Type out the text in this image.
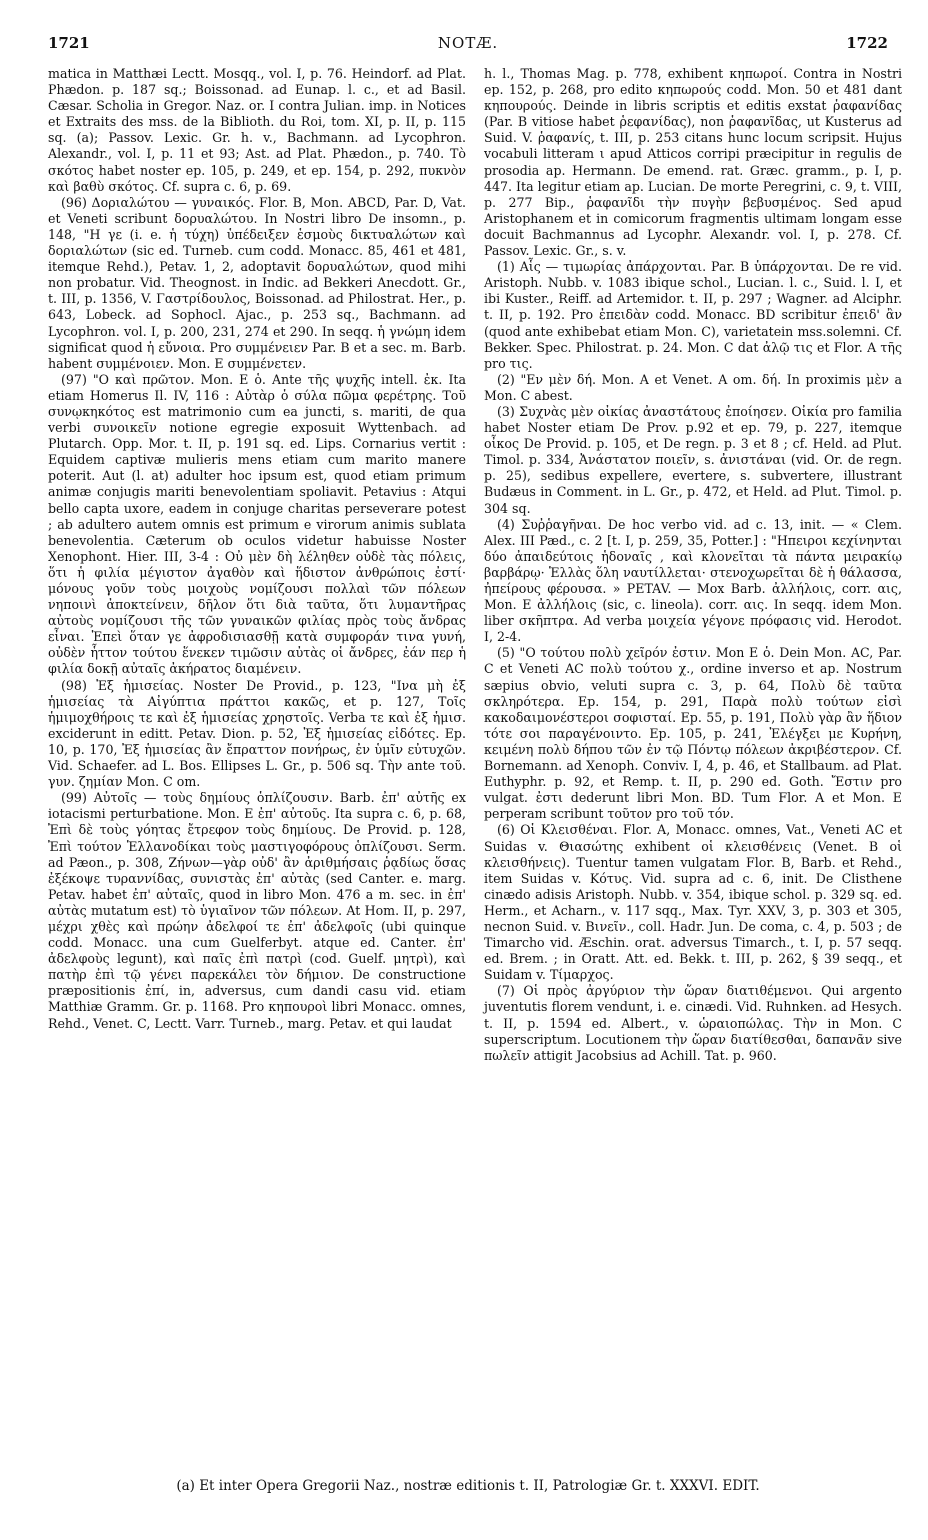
1721	NOTÆ.	1722

matica in Matthæi Lectt. Mosqq., vol. I, p. 76. Heindorf. ad Plat. Phædon. p. 187 sq.; Boissonad. ad Eunap. l. c., et ad Basil. Cæsar. Scholia in Gregor. Naz. or. I contra Julian. imp. in Notices et Extraits des mss. de la Biblioth. du Roi, tom. XI, p. II, p. 115 sq. (a); Passov. Lexic. Gr. h. v., Bachmann. ad Lycophron. Alexandr., vol. I, p. 11 et 93; Ast. ad Plat. Phædon., p. 740. Τὸ σκότος habet noster ep. 105, p. 249, et ep. 154, p. 292, πυκνὸν καὶ βαθὺ σκότος. Cf. supra c. 6, p. 69.

(96) Δοριαλώτου — γυναικός. Flor. B, Mon. ABCD, Par. D, Vat. et Veneti scribunt δορυαλώτου. In Nostri libro De insomn., p. 148, "Η γε (i. e. ἡ τύχη) ὑπέδειξεν ἑσμοὺς δικτυαλώτων καὶ δοριαλώτων (sic ed. Turneb. cum codd. Monacc. 85, 461 et 481, itemque Rehd.), Petav. 1, 2, adoptavit δορυαλώτων, quod mihi non probatur. Vid. Theognost. in Indic. ad Bekkeri Anecdott. Gr., t. III, p. 1356, V. Γαστρίδουλος, Boissonad. ad Philostrat. Her., p. 643, Lobeck. ad Sophocl. Ajac., p. 253 sq., Bachmann. ad Lycophron. vol. I, p. 200, 231, 274 et 290. In seqq. ἡ γνώμη idem significat quod ἡ εὔνοια. Pro συμμένειεν Par. B et a sec. m. Barb. habent συμμένοιεν. Mon. E συμμένετεν.

(97) "Ο καὶ πρῶτον. Mon. E ὁ. Ante τῆς ψυχῆς intell. ἐκ. Ita etiam Homerus Il. IV, 116 : Αὐτὰρ ὁ σύλα πῶμα φερέτρης. Τοῦ συνῳκηκότος est matrimonio cum ea juncti, s. mariti, de qua verbi συνοικεῖν notione egregie exposuit Wyttenbach. ad Plutarch. Opp. Mor. t. II, p. 191 sq. ed. Lips. Cornarius vertit : Equidem captivæ mulieris mens etiam cum marito manere poterit. Aut (l. at) adulter hoc ipsum est, quod etiam primum animæ conjugis mariti benevolentiam spoliavit. Petavius : Atqui bello capta uxore, eadem in conjuge charitas perseverare potest ; ab adultero autem omnis est primum e virorum animis sublata benevolentia. Cæterum ob oculos videtur habuisse Noster Xenophont. Hier. III, 3-4 : Οὐ μὲν δὴ λέληθεν οὐδὲ τὰς πόλεις, ὅτι ἡ φιλία μέγιστον ἀγαθὸν καὶ ἥδιστον ἀνθρώποις ἐστί· μόνους γοῦν τοὺς μοιχοὺς νομίζουσι πολλαὶ τῶν πόλεων νηποινὶ ἀποκτείνειν, δῆλον ὅτι διὰ ταῦτα, ὅτι λυμαντῆρας αὐτοὺς νομίζουσι τῆς τῶν γυναικῶν φιλίας πρὸς τοὺς ἄνδρας εἶναι. Ἐπεὶ ὅταν γε ἀφροδισιασθῇ κατὰ συμφοράν τινα γυνή, οὐδὲν ἧττον τούτου ἕνεκεν τιμῶσιν αὐτὰς οἱ ἄνδρες, ἐάν περ ἡ φιλία δοκῇ αὐταῖς ἀκήρατος διαμένειν.

(98) Ἐξ ἡμισείας. Noster De Provid., p. 123, "Ινα μὴ ἐξ ἡμισείας τὰ Αἰγύπτια πράττοι κακῶς, et p. 127, Τοῖς ἡμιμοχθήροις τε καὶ ἐξ ἡμισείας χρηστοῖς. Verba τε καὶ ἐξ ἡμισ. exciderunt in editt. Petav. Dion. p. 52, Ἐξ ἡμισείας εἰδότες. Ep. 10, p. 170, Ἐξ ἡμισείας ἂν ἔπραττον πονήρως, ἐν ὑμῖν εὐτυχῶν. Vid. Schaefer. ad L. Bos. Ellipses L. Gr., p. 506 sq. Τὴν ante τοῦ. γυν. ζημίαν Mon. C om.

(99) Αὐτοῖς — τοὺς δημίους ὁπλίζουσιν. Barb. ἐπ' αὐτῆς ex iotacismi perturbatione. Mon. E ἐπ' αὐτοῦς. Ita supra c. 6, p. 68, Ἐπὶ δὲ τοὺς γόητας ἔτρεφον τοὺς δημίους. De Provid. p. 128, Ἐπὶ τούτον Ἑλλανοδίκαι τοὺς μαστιγοφόρους ὁπλίζουσι. Serm. ad Pæon., p. 308, Ζήνων—γὰρ οὐδ' ἂν ἀριθμήσαις ῥᾳδίως ὅσας ἐξέκοψε τυραννίδας, συνιστὰς ἐπ' αὐτὰς (sed Canter. e. marg. Petav. habet ἐπ' αὐταῖς, quod in libro Mon. 476 a m. sec. in ἐπ' αὐτὰς mutatum est) τὸ ὑγιαῖνον τῶν πόλεων. At Hom. II, p. 297, μέχρι χθὲς καὶ πρώην ἀδελφοί τε ἐπ' ἀδελφοῖς (ubi quinque codd. Monacc. una cum Guelferbyt. atque ed. Canter. ἐπ' ἀδελφοὺς legunt), καὶ παῖς ἐπὶ πατρὶ (cod. Guelf. μητρὶ), καὶ πατὴρ ἐπὶ τῷ γένει παρεκάλει τὸν δήμιον. De constructione præpositionis ἐπί, in, adversus, cum dandi casu vid. etiam Matthiæ Gramm. Gr. p. 1168. Pro κηπουροὶ libri Monacc. omnes, Rehd., Venet. C, Lectt. Varr. Turneb., marg. Petav. et qui laudat

h. l., Thomas Mag. p. 778, exhibent κηπωροί. Contra in Nostri ep. 152, p. 268, pro edito κηπωρούς codd. Mon. 50 et 481 dant κηπουρούς. Deinde in libris scriptis et editis exstat ῥαφανίδας (Par. B vitiose habet ῥεφανίδας), non ῥαφανῖδας, ut Kusterus ad Suid. V. ῥαφανίς, t. III, p. 253 citans hunc locum scripsit. Hujus vocabuli litteram ι apud Atticos corripi præcipitur in regulis de prosodia ap. Hermann. De emend. rat. Græc. gramm., p. I, p. 447. Ita legitur etiam ap. Lucian. De morte Peregrini, c. 9, t. VIII, p. 277 Bip., ῥαφανῖδι τὴν πυγὴν βεβυσμένος. Sed apud Aristophanem et in comicorum fragmentis ultimam longam esse docuit Bachmannus ad Lycophr. Alexandr. vol. I, p. 278. Cf. Passov. Lexic. Gr., s. v.

(1) Αἷς — τιμωρίας ἀπάρχονται. Par. B ὑπάρχονται. De re vid. Aristoph. Nubb. v. 1083 ibique schol., Lucian. l. c., Suid. l. I, et ibi Kuster., Reiff. ad Artemidor. t. II, p. 297 ; Wagner. ad Alciphr. t. II, p. 192. Pro ἐπειδὰν codd. Monacc. BD scribitur ἐπειδ' ἂν (quod ante exhibebat etiam Mon. C), varietatein mss.solemni. Cf. Bekker. Spec. Philostrat. p. 24. Mon. C dat ἀλῷ τις et Flor. A τῆς pro τις.

(2) "Εν μὲν δή. Mon. A et Venet. A om. δή. In proximis μὲν a Mon. C abest.

(3) Συχνὰς μὲν οἰκίας ἀναστάτους ἐποίησεν. Οἰκία pro familia habet Noster etiam De Prov. p.92 et ep. 79, p. 227, itemque οἶκος De Provid. p. 105, et De regn. p. 3 et 8 ; cf. Held. ad Plut. Timol. p. 334, Ἀνάστατον ποιεῖν, s. ἀνιστάναι (vid. Or. de regn. p. 25), sedibus expellere, evertere, s. subvertere, illustrant Budæus in Comment. in L. Gr., p. 472, et Held. ad Plut. Timol. p. 304 sq.

(4) Συῤῥαγῆναι. De hoc verbo vid. ad c. 13, init. — « Clem. Alex. III Pæd., c. 2 [t. I, p. 259, 35, Potter.] : "Ηπειροι κεχίνηνται δύο ἀπαιδεύτοις ἡδοναῖς , καὶ κλονεῖται τὰ πάντα μειρακίῳ βαρβάρῳ· Ἑλλὰς ὅλη ναυτίλλεται· στενοχωρεῖται δὲ ἡ θάλασσα, ἠπείρους φέρουσα. » PETAV. — Mox Barb. ἀλλήλοις, corr. αις, Mon. E ἀλλήλοις (sic, c. lineola). corr. αις. In seqq. idem Mon. liber σκῆπτρα. Ad verba μοιχεία γέγονε πρόφασις vid. Herodot. I, 2-4.

(5) "Ο τούτου πολὺ χεῖρόν ἐστιν. Mon E ὁ. Dein Mon. AC, Par. C et Veneti AC πολὺ τούτου χ., ordine inverso et ap. Nostrum sæpius obvio, veluti supra c. 3, p. 64, Πολὺ δὲ ταῦτα σκληρότερα. Ep. 154, p. 291, Παρὰ πολὺ τούτων εἰσὶ κακοδαιμονέστεροι σοφισταί. Ep. 55, p. 191, Πολὺ γὰρ ἂν ἥδιον τότε σοι παραγένοιντο. Ep. 105, p. 241, Ἐλέγξει με Κυρήνη, κειμένη πολὺ δήπου τῶν ἐν τῷ Πόντῳ πόλεων ἀκριβέστερον. Cf. Bornemann. ad Xenoph. Conviv. I, 4, p. 46, et Stallbaum. ad Plat. Euthyphr. p. 92, et Remp. t. II, p. 290 ed. Goth. Ἔστιν pro vulgat. ἐστι dederunt libri Mon. BD. Tum Flor. A et Mon. E perperam scribunt τοῦτον pro τοῦ τόν.

(6) Οἱ Κλεισθέναι. Flor. A, Monacc. omnes, Vat., Veneti AC et Suidas v. Θιασώτης exhibent οἱ κλεισθένεις (Venet. B οἱ κλεισθήνεις). Tuentur tamen vulgatam Flor. B, Barb. et Rehd., item Suidas v. Κότυς. Vid. supra ad c. 6, init. De Clisthene cinædo adisis Aristoph. Nubb. v. 354, ibique schol. p. 329 sq. ed. Herm., et Acharn., v. 117 sqq., Max. Tyr. XXV, 3, p. 303 et 305, necnon Suid. v. Βινεῖν., coll. Hadr. Jun. De coma, c. 4, p. 503 ; de Timarcho vid. Æschin. orat. adversus Timarch., t. I, p. 57 seqq. ed. Brem. ; in Oratt. Att. ed. Bekk. t. III, p. 262, § 39 seqq., et Suidam v. Τίμαρχος.

(7) Οἱ πρὸς ἀργύριον τὴν ὥραν διατιθέμενοι. Qui argento juventutis florem vendunt, i. e. cinædi. Vid. Ruhnken. ad Hesych. t. II, p. 1594 ed. Albert., v. ὡραιοπώλας. Τὴν in Mon. C superscriptum. Locutionem τὴν ὥραν διατίθεσθαι, δαπανᾶν sive πωλεῖν attigit Jacobsius ad Achill. Tat. p. 960.

(a) Et inter Opera Gregorii Naz., nostræ editionis t. II, Patrologiæ Gr. t. XXXVI. EDIT.
